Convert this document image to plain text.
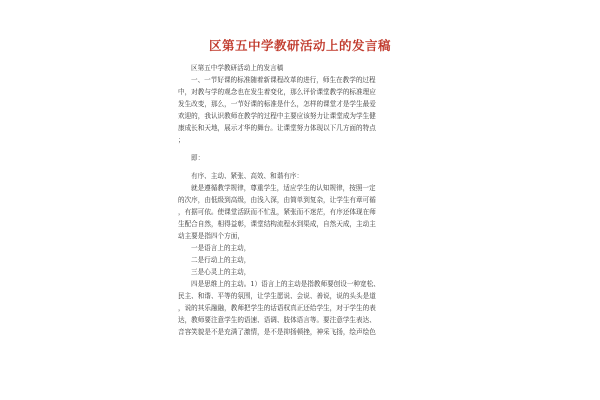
区第五中学教研活动上的发言稿

区第五中学教研活动上的发言稿

一、一节好课的标准随着新课程改革的进行，师生在教学的过程

中，对教与学的观念也在发生着变化，那么评价课堂教学的标准理应

发生改变，那么，一节好课的标准是什么，怎样的课堂才是学生最爱

欢迎的，我认识教师在教学的过程中主要应该努力让课堂成为学生健

康成长和天地，展示才华的舞台。让课堂努力体现以下几方面的特点

；

即：

有序、主动、紧张、高效、和谐有序：

就是遵循教学规律，尊重学生，适应学生的认知规律，按照一定

的次序，由低级到高级，由浅入深，由简单到复杂，让学生有章可循

，有据可依。使课堂活跃而不忙乱，紧张而不迷茫，有序还体现在师

生配合自然，相得益彰，课堂结构流程水到渠成，自然天成，主动主

动主要是指四个方面，

一是语言上的主动，

二是行动上的主动，

三是心灵上的主动，

四是思维上的主动。1）语言上的主动是指教师要创设一种宽松、

民主、和谐、平等的氛围，让学生愿说、会说、善说，说的头头是道

，说的其乐融融，教师把学生的话语权真正还给学生，对于学生的表

达，教师要注意学生的语速、语调、肢体语言等。要注意学生表达、

音容笑貌是不是充满了激情，是不是抑扬顿挫，神采飞扬，绘声绘色
